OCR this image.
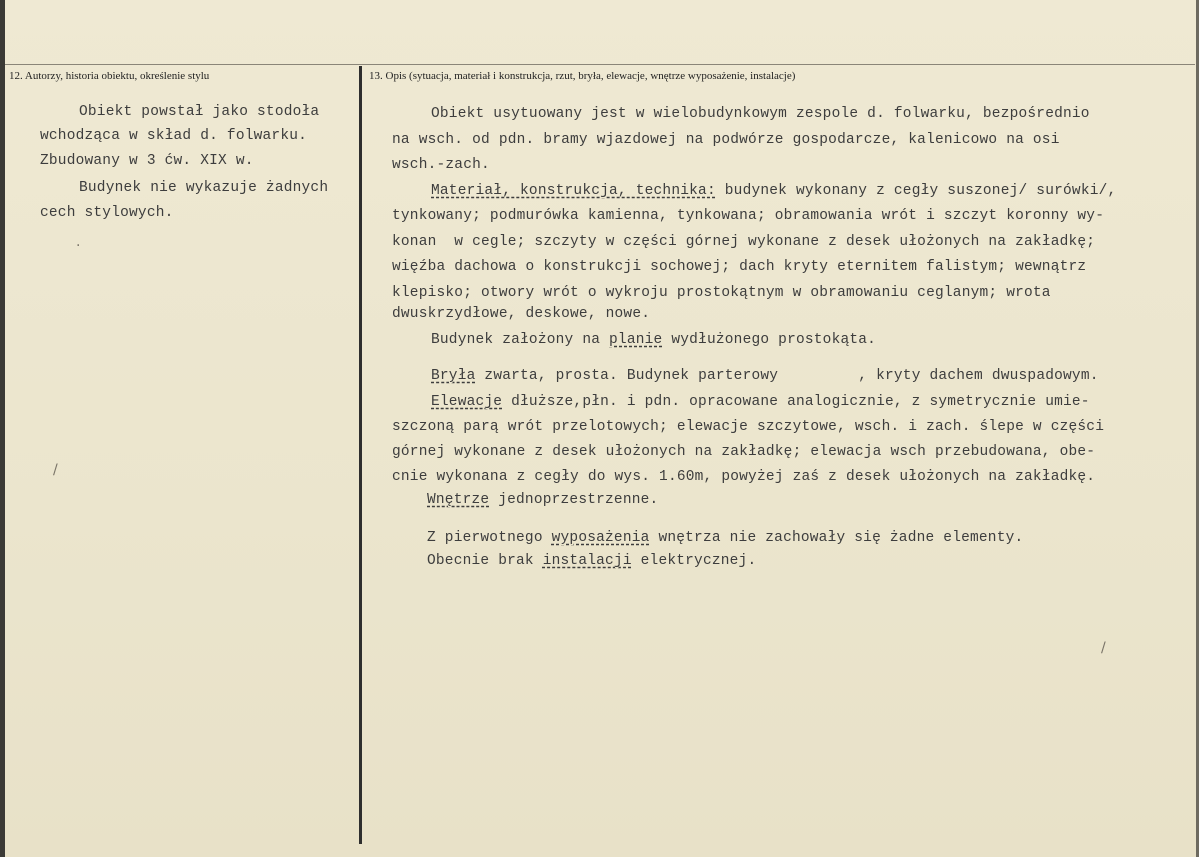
12. Autorzy, historia obiektu, określenie stylu	13. Opis (sytuacja, materiał i konstrukcja, rzut, bryła, elewacje, wnętrze wyposażenie, instalacje)
Obiekt powstał jako stodoła
wchodząca w skład d. folwarku.
Zbudowany w 3 ćw. XIX w.
Budynek nie wykazuje żadnych
cech stylowych.
Obiekt usytuowany jest w wielobudynkowym zespole d. folwarku, bezpośrednio
na wsch. od pdn. bramy wjazdowej na podwórze gospodarcze, kalenicowo na osi
wsch.-zach.
Materiał, konstrukcja, technika: budynek wykonany z cegły suszonej/ surówki/,
tynkowany; podmurówka kamienna, tynkowana; obramowania wrót i szczyt koronny wy-
konan  w cegle; szczyty w części górnej wykonane z desek ułożonych na zakładkę;
więźba dachowa o konstrukcji sochowej; dach kryty eternitem falistym; wewnątrz
klepisko; otwory wrót o wykroju prostokątnym w obramowaniu ceglanym; wrota
dwuskrzydłowe, deskowe, nowe.
Budynek założony na planie wydłużonego prostokąta.
Bryła zwarta, prosta. Budynek parterowy         , kryty dachem dwuspadowym.
Elewacje dłuższe,płn. i pdn. opracowane analogicznie, z symetrycznie umie-
szczoną parą wrót przelotowych; elewacje szczytowe, wsch. i zach. ślepe w części
górnej wykonane z desek ułożonych na zakładkę; elewacja wsch przebudowana, obe-
cnie wykonana z cegły do wys. 1.60m, powyżej zaś z desek ułożonych na zakładkę.
Wnętrze jednoprzestrzenne.
Z pierwotnego wyposażenia wnętrza nie zachowały się żadne elementy.
Obecnie brak instalacji elektrycznej.
·
/
/
